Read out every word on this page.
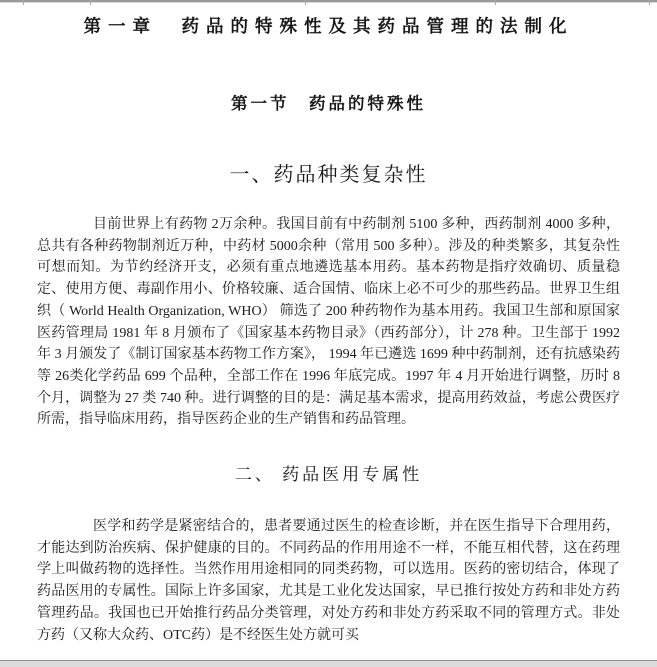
第一章　药品的特殊性及其药品管理的法制化
第一节　药品的特殊性
一、药品种类复杂性

目前世界上有药物 2万余种。我国目前有中药制剂 5100 多种，西药制剂 4000 多种，总共有各种药物制剂近万种，中药材 5000余种（常用 500 多种）。涉及的种类繁多，其复杂性可想而知。为节约经济开支，必须有重点地遴选基本用药。基本药物是指疗效确切、质量稳定、使用方便、毒副作用小、价格较廉、适合国情、临床上必不可少的那些药品。世界卫生组织（ World Health Organization, WHO） 筛选了 200 种药物作为基本用药。我国卫生部和原国家医药管理局 1981 年 8 月颁布了《国家基本药物目录》（西药部分），计 278 种。卫生部于 1992 年 3 月颁发了《制订国家基本药物工作方案》， 1994 年已遴选 1699 种中药制剂，还有抗感染药等 26类化学药品 699 个品种，全部工作在 1996 年底完成。1997 年 4 月开始进行调整，历时 8 个月，调整为 27 类 740 种。进行调整的目的是：满足基本需求，提高用药效益，考虑公费医疗所需，指导临床用药，指导医药企业的生产销售和药品管理。

二、 药品医用专属性

医学和药学是紧密结合的，患者要通过医生的检查诊断，并在医生指导下合理用药，才能达到防治疾病、保护健康的目的。不同药品的作用用途不一样，不能互相代替，这在药理学上叫做药物的选择性。当然作用用途相同的同类药物，可以选用。医药的密切结合，体现了药品医用的专属性。国际上许多国家，尤其是工业化发达国家，早已推行按处方药和非处方药管理药品。我国也已开始推行药品分类管理，对处方药和非处方药采取不同的管理方式。非处方药（又称大众药、OTC药）是不经医生处方就可买
